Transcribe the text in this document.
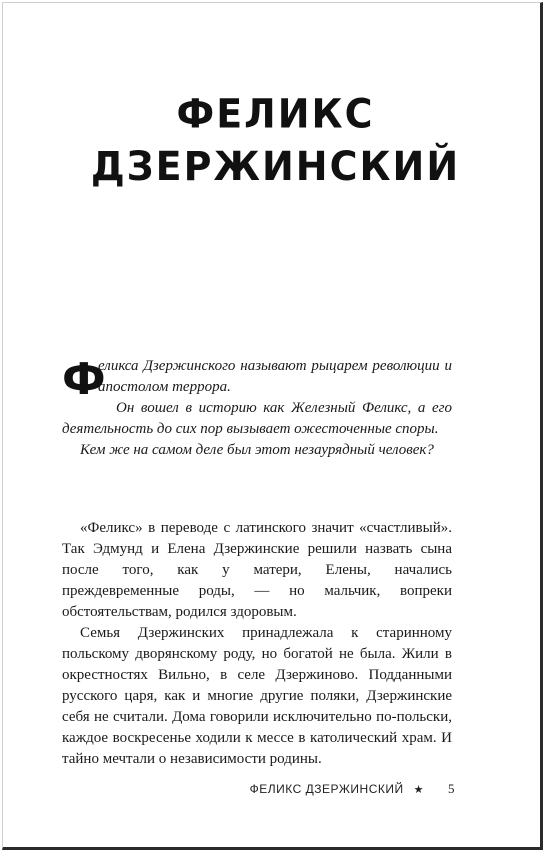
ФЕЛИКС
ДЗЕРЖИНСКИЙ

Ф
еликса Дзержинского называют рыцарем революции и апостолом террора.

Он вошел в историю как Железный Феликс, а его деятельность до сих пор вызывает ожесточенные споры.

Кем же на самом деле был этот незаурядный человек?

«Феликс» в переводе с латинского значит «счастливый». Так Эдмунд и Елена Дзержинские решили назвать сына после того, как у матери, Елены, начались преждевременные роды, — но мальчик, вопреки обстоятельствам, родился здоровым.

Семья Дзержинских принадлежала к старинному польскому дворянскому роду, но богатой не была. Жили в окрестностях Вильно, в селе Дзержиново. Подданными русского царя, как и многие другие поляки, Дзержинские себя не считали. Дома говорили исключительно по-польски, каждое воскресенье ходили к мессе в католический храм. И тайно мечтали о независимости родины.

ФЕЛИКС ДЗЕРЖИНСКИЙ ★ 5
